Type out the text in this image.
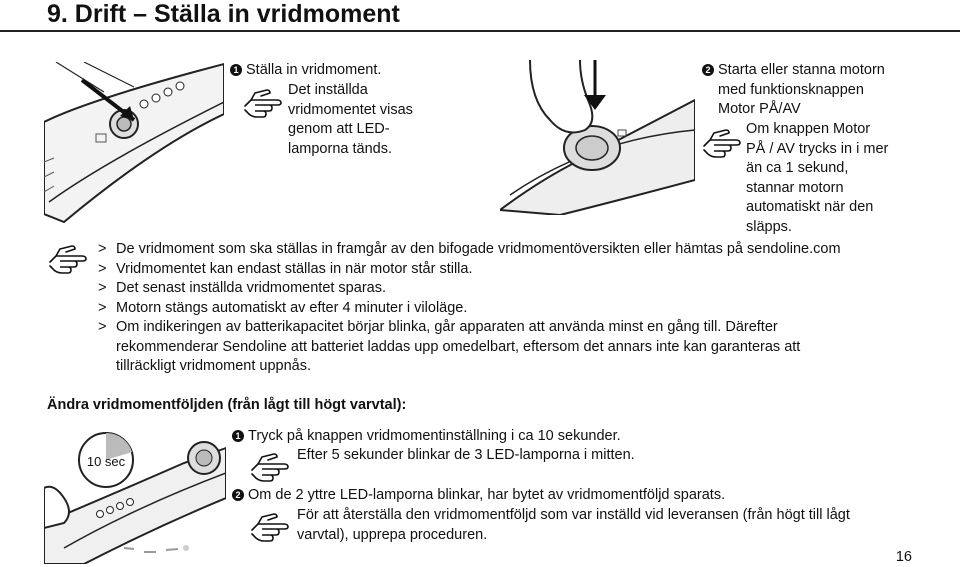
9. Drift – Ställa in vridmoment
1 Ställa in vridmoment.
Det inställda
vridmomentet visas
genom att LED-
lamporna tänds.
2 Starta eller stanna motorn
med funktionsknappen
Motor PÅ/AV
Om knappen Motor
PÅ / AV trycks in i mer
än ca 1 sekund,
stannar motorn
automatiskt när den
släpps.
> De vridmoment som ska ställas in framgår av den bifogade vridmomentöversikten eller hämtas på sendoline.com
> Vridmomentet kan endast ställas in när motor står stilla.
> Det senast inställda vridmomentet sparas.
> Motorn stängs automatiskt av efter 4 minuter i viloläge.
> Om indikeringen av batterikapacitet börjar blinka, går apparaten att använda minst en gång till. Därefter
rekommenderar Sendoline att batteriet laddas upp omedelbart, eftersom det annars inte kan garanteras att
tillräckligt vridmoment uppnås.
Ändra vridmomentföljden (från lågt till högt varvtal):
10 sec
1 Tryck på knappen vridmomentinställning i ca 10 sekunder.
Efter 5 sekunder blinkar de 3 LED-lamporna i mitten.
2 Om de 2 yttre LED-lamporna blinkar, har bytet av vridmomentföljd sparats.
För att återställa den vridmomentföljd som var inställd vid leveransen (från högt till lågt
varvtal), upprepa proceduren.
16
